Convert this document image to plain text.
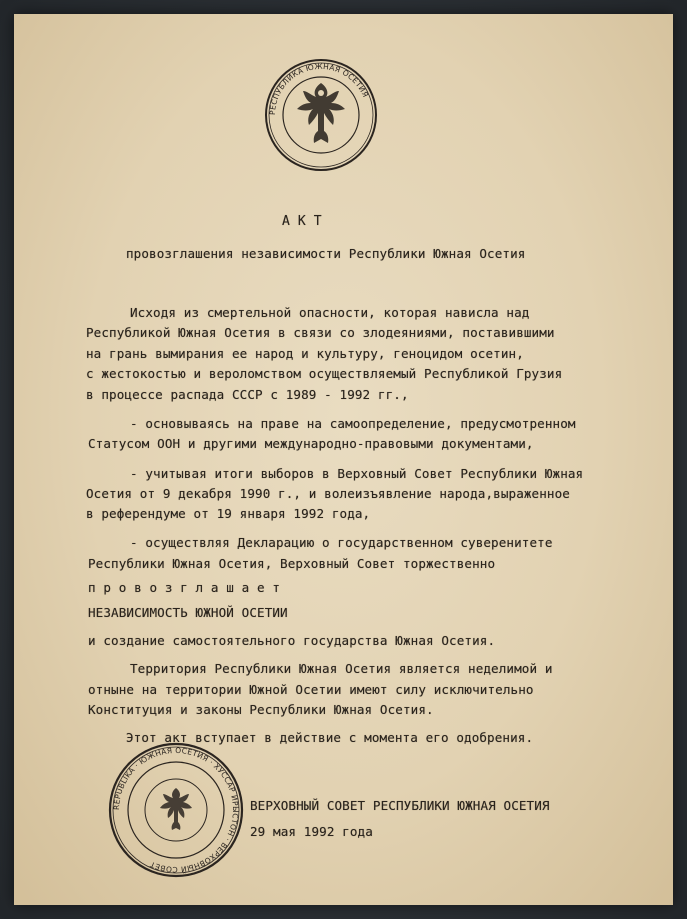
РЕСПУБЛИКА ЮЖНАЯ ОСЕТИЯ
А К Т
провозглашения независимости Республики Южная Осетия
Исходя из смертельной опасности, которая нависла над
Республикой Южная Осетия в связи со злодеяниями, поставившими
на грань вымирания ее народ и культуру, геноцидом осетин,
с жестокостью и вероломством осуществляемый Республикой Грузия
в процессе распада СССР с 1989 - 1992 гг.,
- основываясь на праве на самоопределение, предусмотренном
Статусом ООН и другими международно-правовыми документами,
- учитывая итоги выборов в Верховный Совет Республики Южная
Осетия от 9 декабря 1990 г., и волеизъявление народа,выраженное
в референдуме от 19 января 1992 года,
- осуществляя Декларацию о государственном суверенитете
Республики Южная Осетия, Верховный Совет торжественно
п р о в о з г л а ш а е т
НЕЗАВИСИМОСТЬ ЮЖНОЙ ОСЕТИИ
и создание самостоятельного государства Южная Осетия.
Территория Республики Южная Осетия является неделимой и
отныне на территории Южной Осетии имеют силу исключительно
Конституция и законы Республики Южная Осетия.
Этот акт вступает в действие с момента его одобрения.
REPUBLIKA · ЮЖНАЯ ОСЕТИЯ · ХУССАР ИРЫСТОН · ВЕРХОВНЫЙ СОВЕТ
ВЕРХОВНЫЙ СОВЕТ РЕСПУБЛИКИ ЮЖНАЯ ОСЕТИЯ
29 мая 1992 года
